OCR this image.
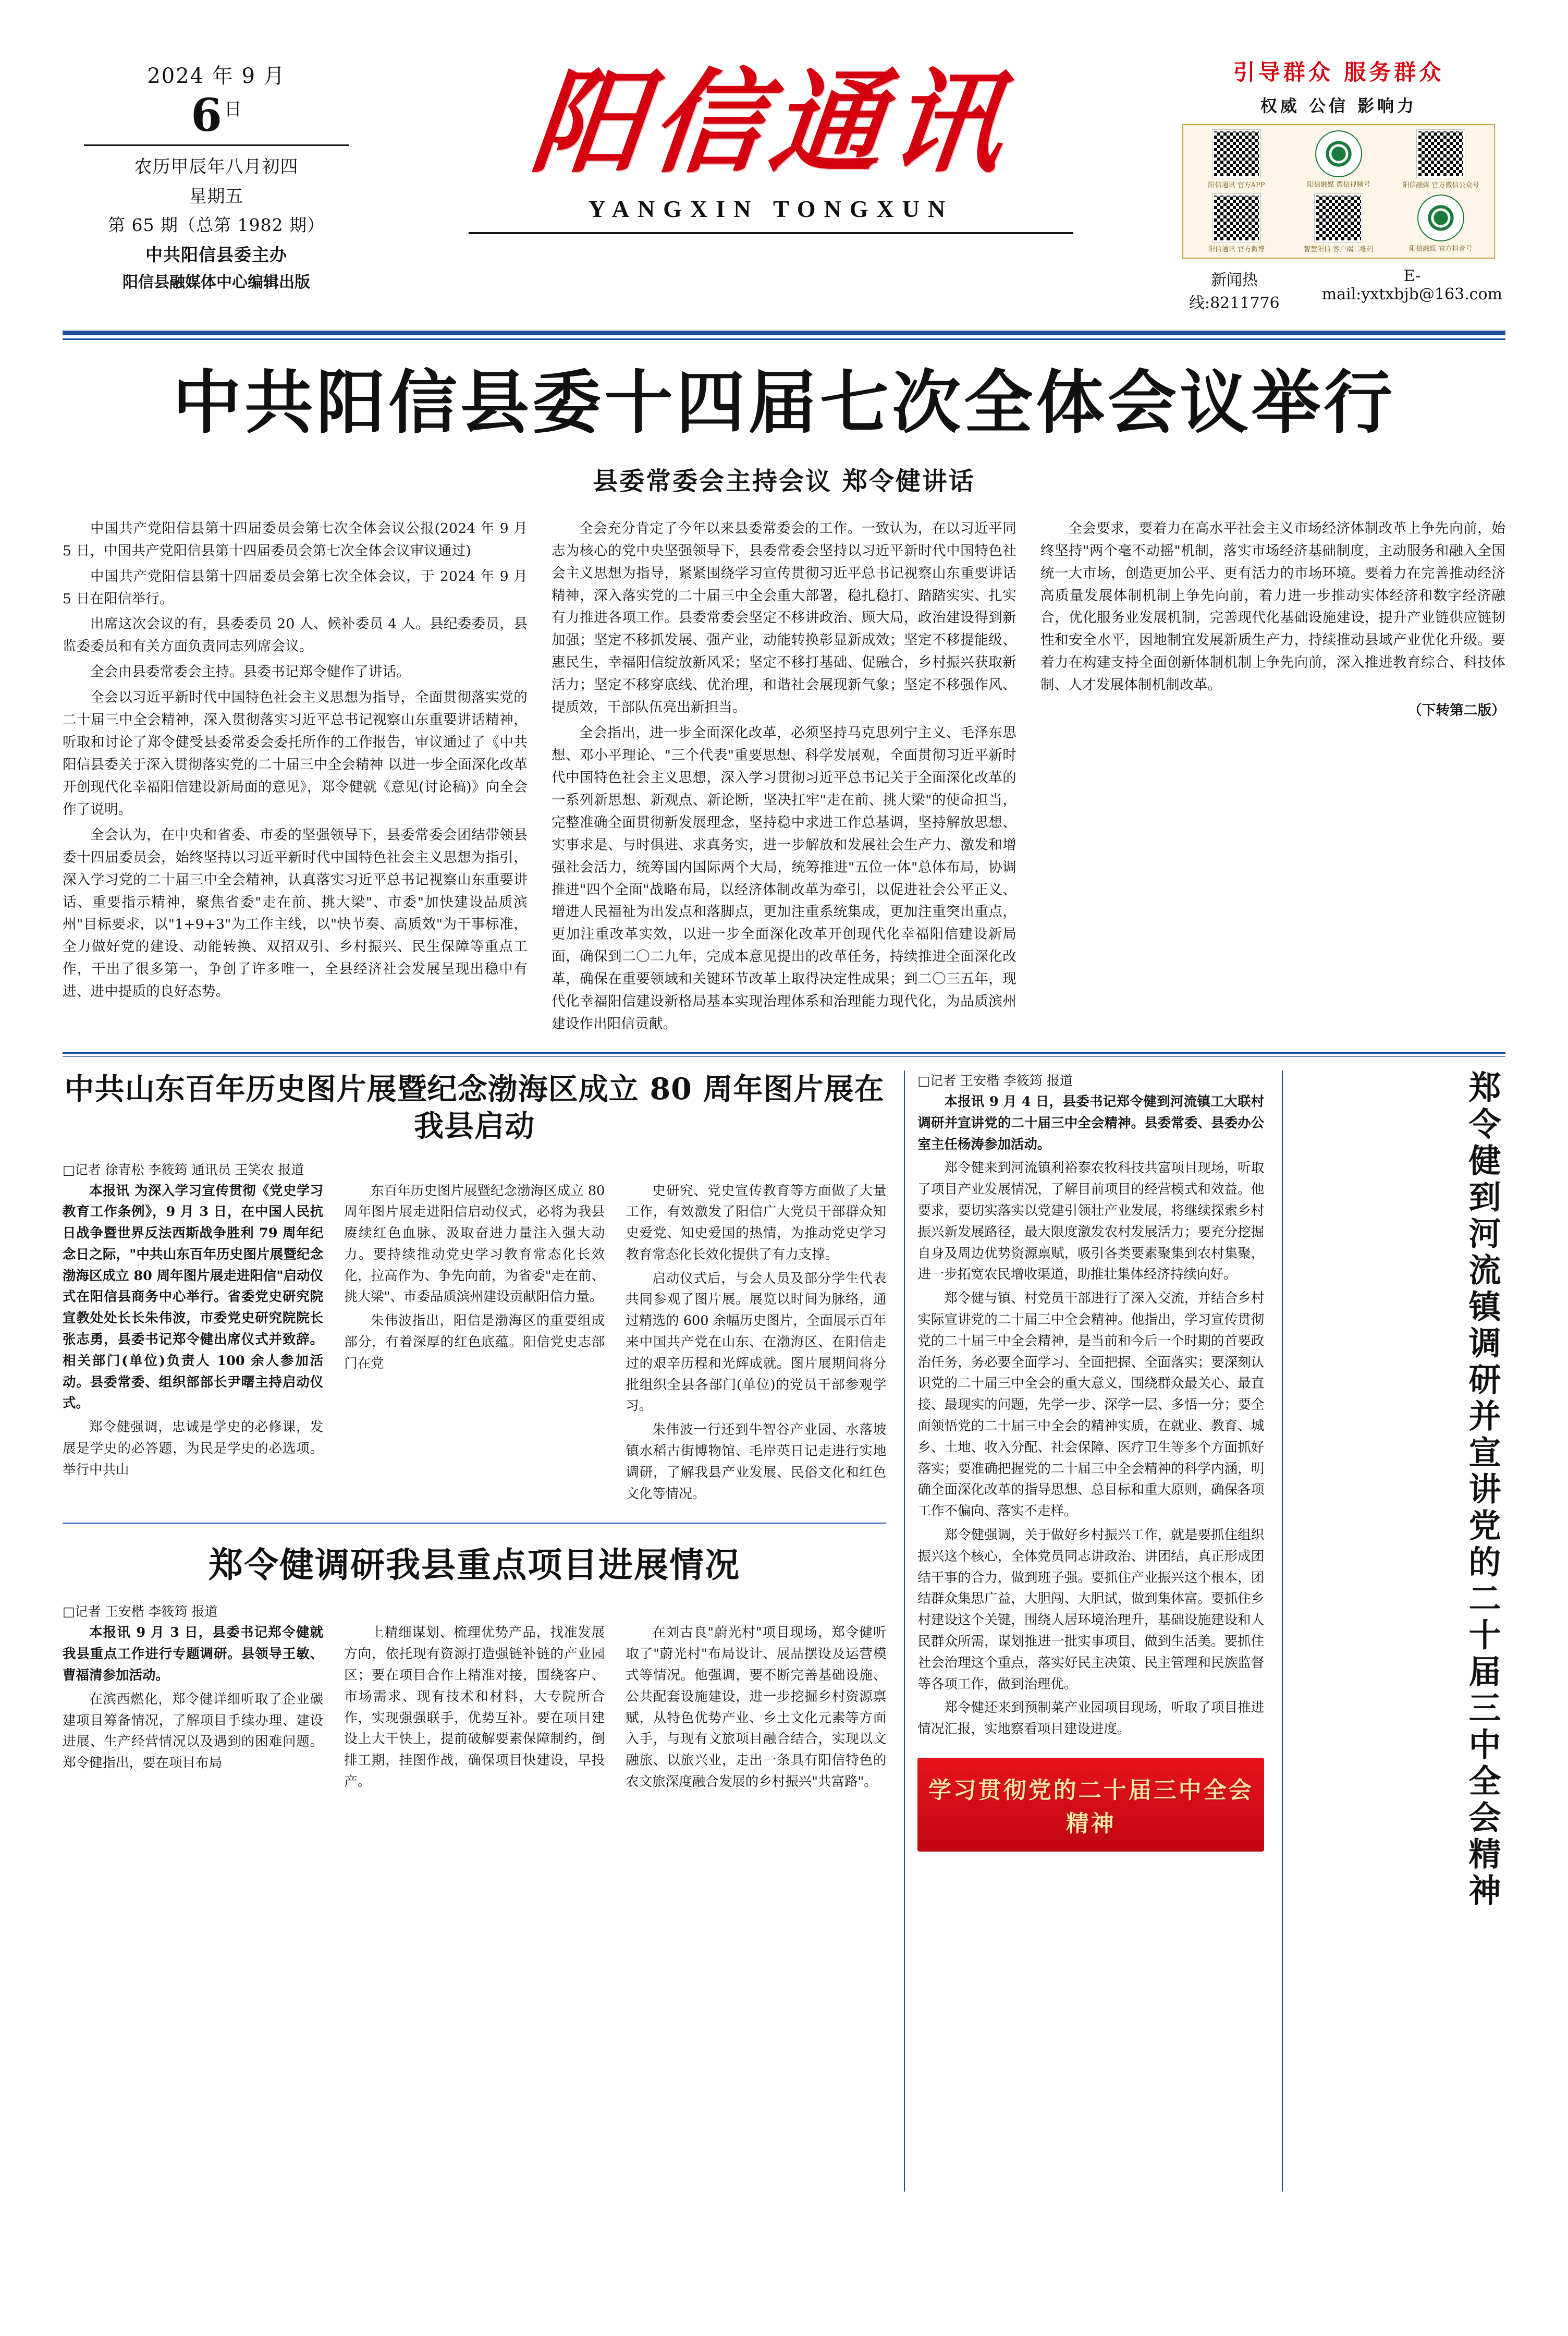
2024 年 9 月
6 $^日$
农历甲辰年八月初四
星期五
第 65 期（总第 1982 期）
中共阳信县委主办
阳信县融媒体中心编辑出版
阳信通讯
YANGXIN TONGXUN
引导群众 服务群众
权威 公信 影响力
阳信通讯 官方APP	阳信融媒 微信视频号	阳信融媒 官方微信公众号
阳信通讯 官方微博	智慧阳信 客户端二维码	阳信融媒 官方抖音号
新闻热线:8211776
E-mail:yxtxbjb@163.com
中共阳信县委十四届七次全体会议举行
县委常委会主持会议 郑令健讲话

中国共产党阳信县第十四届委员会第七次全体会议公报(2024 年 9 月 5 日，中国共产党阳信县第十四届委员会第七次全体会议审议通过)

中国共产党阳信县第十四届委员会第七次全体会议，于 2024 年 9 月 5 日在阳信举行。

出席这次会议的有，县委委员 20 人、候补委员 4 人。县纪委委员，县监委委员和有关方面负责同志列席会议。

全会由县委常委会主持。县委书记郑令健作了讲话。

全会以习近平新时代中国特色社会主义思想为指导，全面贯彻落实党的二十届三中全会精神，深入贯彻落实习近平总书记视察山东重要讲话精神，听取和讨论了郑令健受县委常委会委托所作的工作报告，审议通过了《中共阳信县委关于深入贯彻落实党的二十届三中全会精神 以进一步全面深化改革开创现代化幸福阳信建设新局面的意见》，郑令健就《意见(讨论稿)》向全会作了说明。

全会认为，在中央和省委、市委的坚强领导下，县委常委会团结带领县委十四届委员会，始终坚持以习近平新时代中国特色社会主义思想为指引，深入学习党的二十届三中全会精神，认真落实习近平总书记视察山东重要讲话、重要指示精神，聚焦省委"走在前、挑大梁"、市委"加快建设品质滨州"目标要求，以"1+9+3"为工作主线，以"快节奏、高质效"为干事标准，全力做好党的建设、动能转换、双招双引、乡村振兴、民生保障等重点工作，干出了很多第一，争创了许多唯一，全县经济社会发展呈现出稳中有进、进中提质的良好态势。

全会充分肯定了今年以来县委常委会的工作。一致认为，在以习近平同志为核心的党中央坚强领导下，县委常委会坚持以习近平新时代中国特色社会主义思想为指导，紧紧围绕学习宣传贯彻习近平总书记视察山东重要讲话精神，深入落实党的二十届三中全会重大部署，稳扎稳打、踏踏实实、扎实有力推进各项工作。县委常委会坚定不移讲政治、顾大局，政治建设得到新加强；坚定不移抓发展、强产业，动能转换彰显新成效；坚定不移提能级、惠民生，幸福阳信绽放新风采；坚定不移打基础、促融合，乡村振兴获取新活力；坚定不移穿底线、优治理，和谐社会展现新气象；坚定不移强作风、提质效，干部队伍亮出新担当。

全会指出，进一步全面深化改革，必须坚持马克思列宁主义、毛泽东思想、邓小平理论、"三个代表"重要思想、科学发展观，全面贯彻习近平新时代中国特色社会主义思想，深入学习贯彻习近平总书记关于全面深化改革的一系列新思想、新观点、新论断，坚决扛牢"走在前、挑大梁"的使命担当，完整准确全面贯彻新发展理念，坚持稳中求进工作总基调，坚持解放思想、实事求是、与时俱进、求真务实，进一步解放和发展社会生产力、激发和增强社会活力，统筹国内国际两个大局，统筹推进"五位一体"总体布局，协调推进"四个全面"战略布局，以经济体制改革为牵引，以促进社会公平正义、增进人民福祉为出发点和落脚点，更加注重系统集成，更加注重突出重点，更加注重改革实效，以进一步全面深化改革开创现代化幸福阳信建设新局面，确保到二〇二九年，完成本意见提出的改革任务，持续推进全面深化改革，确保在重要领域和关键环节改革上取得决定性成果；到二〇三五年，现代化幸福阳信建设新格局基本实现治理体系和治理能力现代化，为品质滨州建设作出阳信贡献。

全会要求，要着力在高水平社会主义市场经济体制改革上争先向前，始终坚持"两个毫不动摇"机制，落实市场经济基础制度，主动服务和融入全国统一大市场，创造更加公平、更有活力的市场环境。要着力在完善推动经济高质量发展体制机制上争先向前，着力进一步推动实体经济和数字经济融合，优化服务业发展机制，完善现代化基础设施建设，提升产业链供应链韧性和安全水平，因地制宜发展新质生产力，持续推动县域产业优化升级。要着力在构建支持全面创新体制机制上争先向前，深入推进教育综合、科技体制、人才发展体制机制改革。

（下转第二版）

中共山东百年历史图片展暨纪念渤海区成立 80 周年图片展在我县启动
□记者 徐青松 李筱筠 通讯员 王笑农 报道

本报讯 为深入学习宣传贯彻《党史学习教育工作条例》，9 月 3 日，在中国人民抗日战争暨世界反法西斯战争胜利 79 周年纪念日之际，"中共山东百年历史图片展暨纪念渤海区成立 80 周年图片展走进阳信"启动仪式在阳信县商务中心举行。省委党史研究院宣教处处长长朱伟波，市委党史研究院院长张志勇，县委书记郑令健出席仪式并致辞。相关部门(单位)负责人 100 余人参加活动。县委常委、组织部部长尹曙主持启动仪式。

郑令健强调，忠诚是学史的必修课，发展是学史的必答题，为民是学史的必选项。举行中共山

东百年历史图片展暨纪念渤海区成立 80 周年图片展走进阳信启动仪式，必将为我县赓续红色血脉、汲取奋进力量注入强大动力。要持续推动党史学习教育常态化长效化，拉高作为、争先向前，为省委"走在前、挑大梁"、市委品质滨州建设贡献阳信力量。

朱伟波指出，阳信是渤海区的重要组成部分，有着深厚的红色底蕴。阳信党史志部门在党

史研究、党史宣传教育等方面做了大量工作，有效激发了阳信广大党员干部群众知史爱党、知史爱国的热情，为推动党史学习教育常态化长效化提供了有力支撑。

启动仪式后，与会人员及部分学生代表共同参观了图片展。展览以时间为脉络，通过精选的 600 余幅历史图片，全面展示百年来中国共产党在山东、在渤海区、在阳信走过的艰辛历程和光辉成就。图片展期间将分批组织全县各部门(单位)的党员干部参观学习。

朱伟波一行还到牛智谷产业园、水落坡镇水稻古街博物馆、毛岸英日记走进行实地调研，了解我县产业发展、民俗文化和红色文化等情况。

郑令健调研我县重点项目进展情况
□记者 王安楷 李筱筠 报道

本报讯 9 月 3 日，县委书记郑令健就我县重点工作进行专题调研。县领导王敏、曹福清参加活动。

在滨西燃化，郑令健详细听取了企业碳建项目筹备情况，了解项目手续办理、建设进展、生产经营情况以及遇到的困难问题。郑令健指出，要在项目布局

上精细谋划、梳理优势产品，找准发展方向，依托现有资源打造强链补链的产业园区；要在项目合作上精准对接，围绕客户、市场需求、现有技术和材料，大专院所合作，实现强强联手，优势互补。要在项目建设上大干快上，提前破解要素保障制约，倒排工期，挂图作战，确保项目快建设，早投产。

在刘古良"蔚光村"项目现场，郑令健听取了"蔚光村"布局设计、展品摆设及运营模式等情况。他强调，要不断完善基础设施、公共配套设施建设，进一步挖掘乡村资源禀赋，从特色优势产业、乡土文化元素等方面入手，与现有文旅项目融合结合，实现以文融旅、以旅兴业，走出一条具有阳信特色的农文旅深度融合发展的乡村振兴"共富路"。

□记者 王安楷 李筱筠 报道

本报讯 9 月 4 日，县委书记郑令健到河流镇工大联村调研并宣讲党的二十届三中全会精神。县委常委、县委办公室主任杨涛参加活动。

郑令健来到河流镇利裕泰农牧科技共富项目现场，听取了项目产业发展情况，了解目前项目的经营模式和效益。他要求，要切实落实以党建引领壮产业发展，将继续探索乡村振兴新发展路径，最大限度激发农村发展活力；要充分挖掘自身及周边优势资源禀赋，吸引各类要素聚集到农村集聚，进一步拓宽农民增收渠道，助推壮集体经济持续向好。

郑令健与镇、村党员干部进行了深入交流，并结合乡村实际宣讲党的二十届三中全会精神。他指出，学习宣传贯彻党的二十届三中全会精神，是当前和今后一个时期的首要政治任务，务必要全面学习、全面把握、全面落实；要深刻认识党的二十届三中全会的重大意义，围绕群众最关心、最直接、最现实的问题，先学一步、深学一层、多悟一分；要全面领悟党的二十届三中全会的精神实质，在就业、教育、城乡、土地、收入分配、社会保障、医疗卫生等多个方面抓好落实；要准确把握党的二十届三中全会精神的科学内涵，明确全面深化改革的指导思想、总目标和重大原则，确保各项工作不偏向、落实不走样。

郑令健强调，关于做好乡村振兴工作，就是要抓住组织振兴这个核心，全体党员同志讲政治、讲团结，真正形成团结干事的合力，做到班子强。要抓住产业振兴这个根本，团结群众集思广益，大胆闯、大胆试，做到集体富。要抓住乡村建设这个关键，围绕人居环境治理升，基础设施建设和人民群众所需，谋划推进一批实事项目，做到生活美。要抓住社会治理这个重点，落实好民主决策、民主管理和民族监督等各项工作，做到治理优。

郑令健还来到预制菜产业园项目现场，听取了项目推进情况汇报，实地察看项目建设进度。

学习贯彻党的二十届三中全会精神	郑令健到河流镇调研并宣讲党的二十届三中全会精神
